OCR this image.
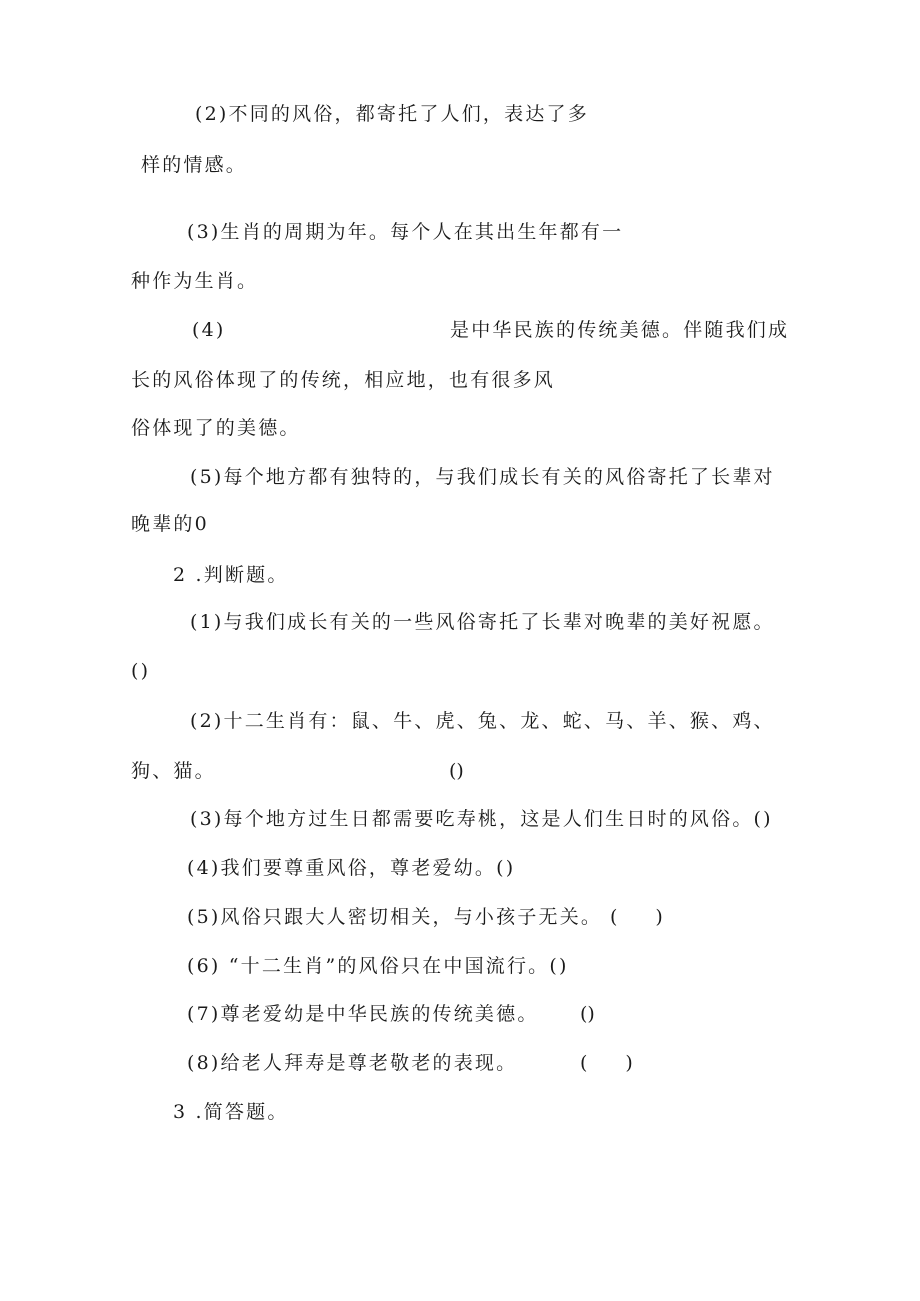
(2)不同的风俗，都寄托了人们，表达了多
样的情感。
(3)生肖的周期为年。每个人在其出生年都有一
种作为生肖。
(4)	是中华民族的传统美德。伴随我们成
长的风俗体现了的传统，相应地，也有很多风
俗体现了的美德。
(5)每个地方都有独特的，与我们成长有关的风俗寄托了长辈对
晚辈的0
2 .判断题。
(1)与我们成长有关的一些风俗寄托了长辈对晚辈的美好祝愿。
()
(2)十二生肖有：鼠、牛、虎、兔、龙、蛇、马、羊、猴、鸡、
狗、猫。	()
(3)每个地方过生日都需要吃寿桃，这是人们生日时的风俗。()
(4)我们要尊重风俗，尊老爱幼。()
(5)风俗只跟大人密切相关，与小孩子无关。 (　　)
(6) “十二生肖”的风俗只在中国流行。()
(7)尊老爱幼是中华民族的传统美德。 ()
(8)给老人拜寿是尊老敬老的表现。	(　　)
3 .简答题。
